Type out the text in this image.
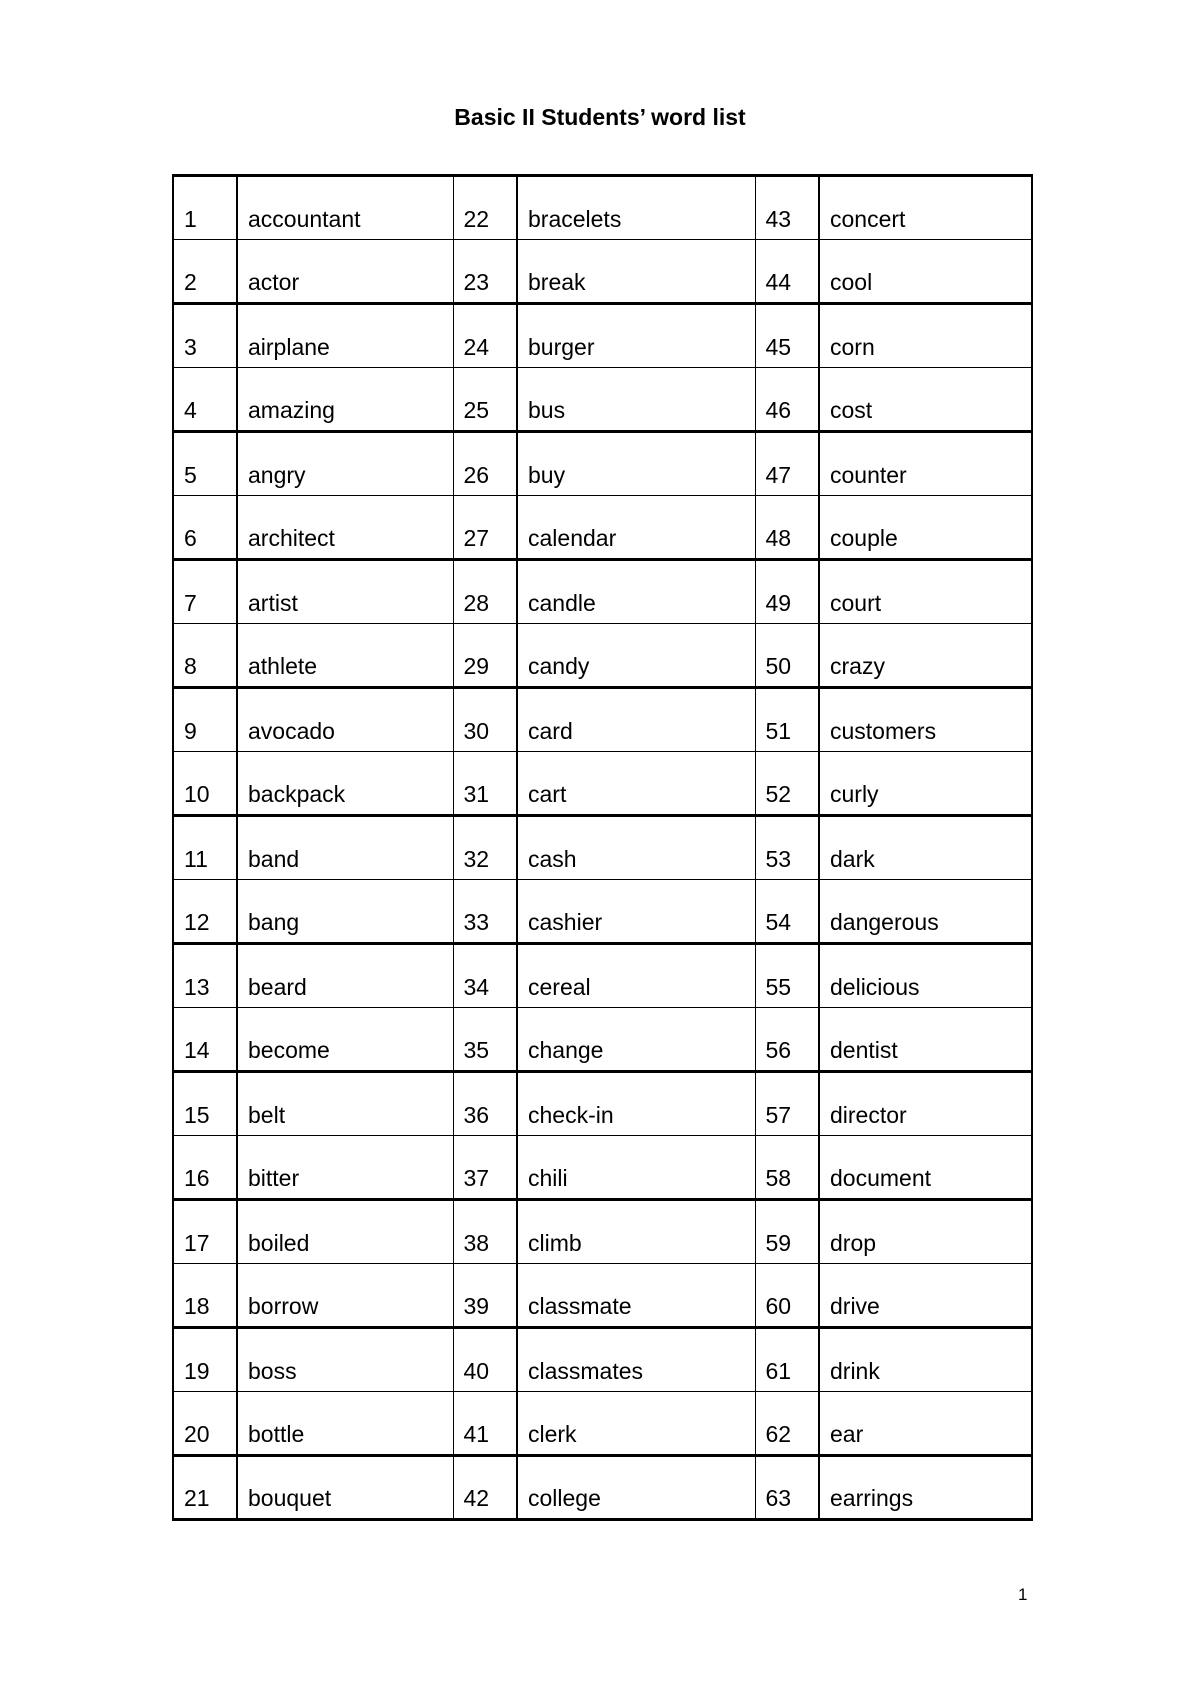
Basic II Students’ word list
1	accountant	22	bracelets	43	concert
2	actor	23	break	44	cool
3	airplane	24	burger	45	corn
4	amazing	25	bus	46	cost
5	angry	26	buy	47	counter
6	architect	27	calendar	48	couple
7	artist	28	candle	49	court
8	athlete	29	candy	50	crazy
9	avocado	30	card	51	customers
10	backpack	31	cart	52	curly
11	band	32	cash	53	dark
12	bang	33	cashier	54	dangerous
13	beard	34	cereal	55	delicious
14	become	35	change	56	dentist
15	belt	36	check-in	57	director
16	bitter	37	chili	58	document
17	boiled	38	climb	59	drop
18	borrow	39	classmate	60	drive
19	boss	40	classmates	61	drink
20	bottle	41	clerk	62	ear
21	bouquet	42	college	63	earrings
1
